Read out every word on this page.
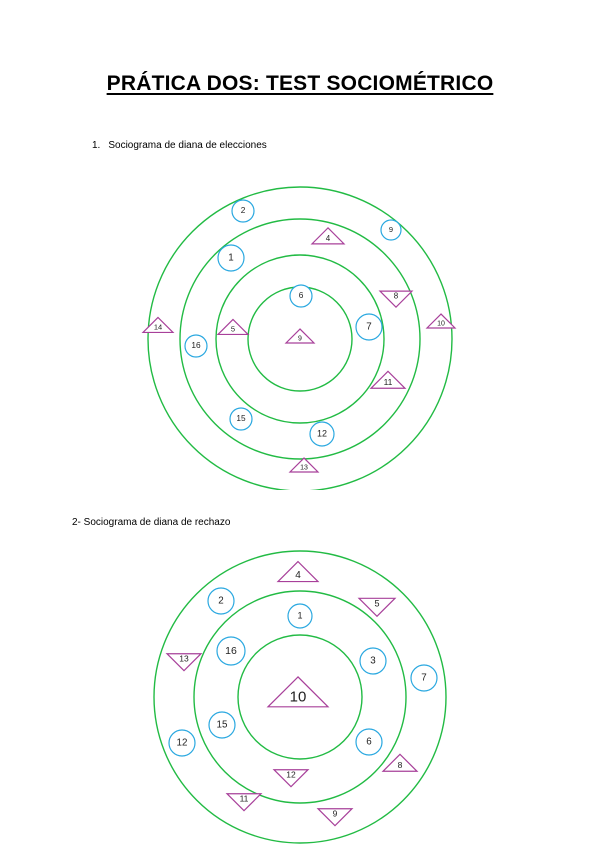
PRÁTICA DOS: TEST SOCIOMÉTRICO

1. Sociograma de diana de elecciones

2
4
9
1
8
6
14	5
9
7	10
16
11
15
12
13

2- Sociograma de diana de rechazo

4
2	5
1
13
16
3
7
10
15
12	6
8
12
11
9
